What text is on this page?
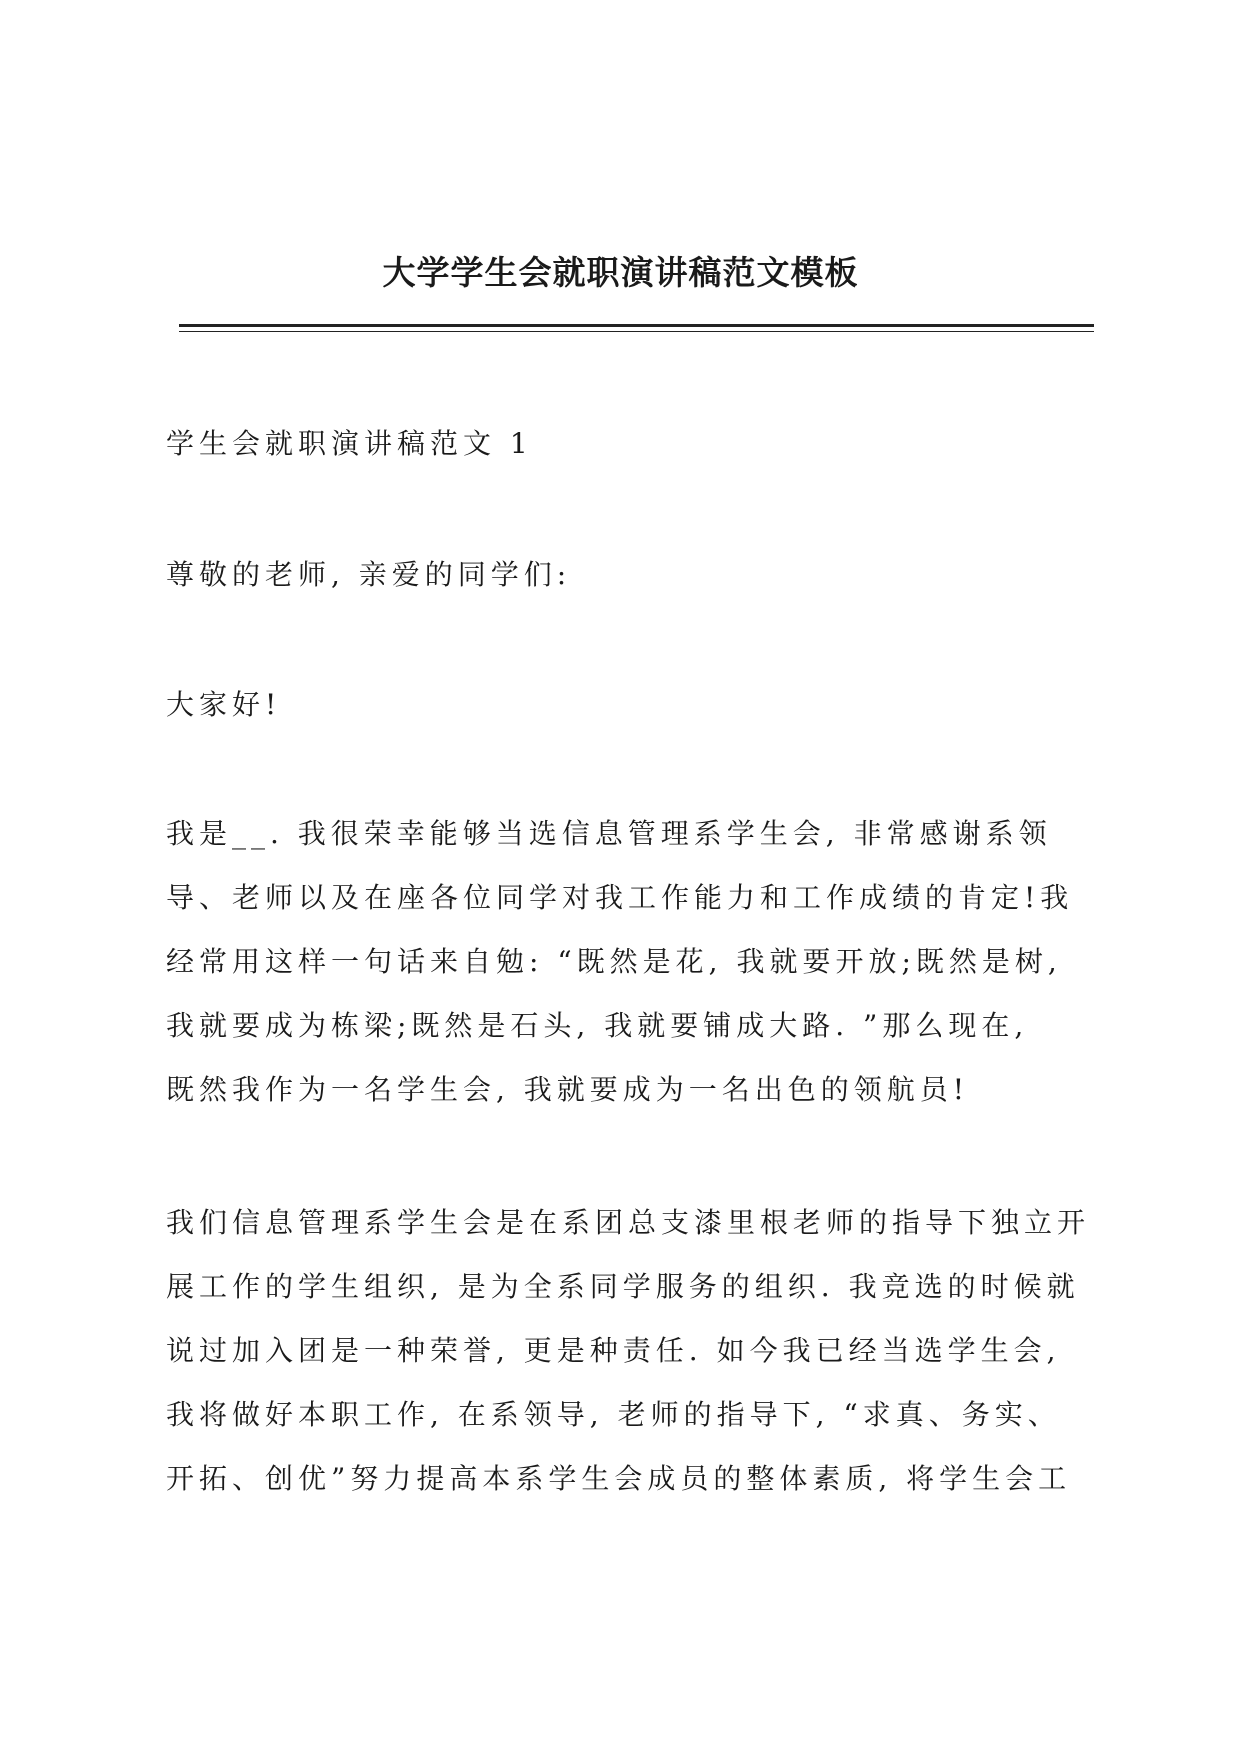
大学学生会就职演讲稿范文模板

学生会就职演讲稿范文 1

尊敬的老师, 亲爱的同学们:

大家好!

我是__. 我很荣幸能够当选信息管理系学生会, 非常感谢系领
导、老师以及在座各位同学对我工作能力和工作成绩的肯定!我
经常用这样一句话来自勉: “既然是花, 我就要开放;既然是树,
我就要成为栋梁;既然是石头, 我就要铺成大路. ”那么现在,
既然我作为一名学生会, 我就要成为一名出色的领航员!

我们信息管理系学生会是在系团总支漆里根老师的指导下独立开
展工作的学生组织, 是为全系同学服务的组织. 我竞选的时候就
说过加入团是一种荣誉, 更是种责任. 如今我已经当选学生会,
我将做好本职工作, 在系领导, 老师的指导下, “求真、务实、
开拓、创优”努力提高本系学生会成员的整体素质, 将学生会工
